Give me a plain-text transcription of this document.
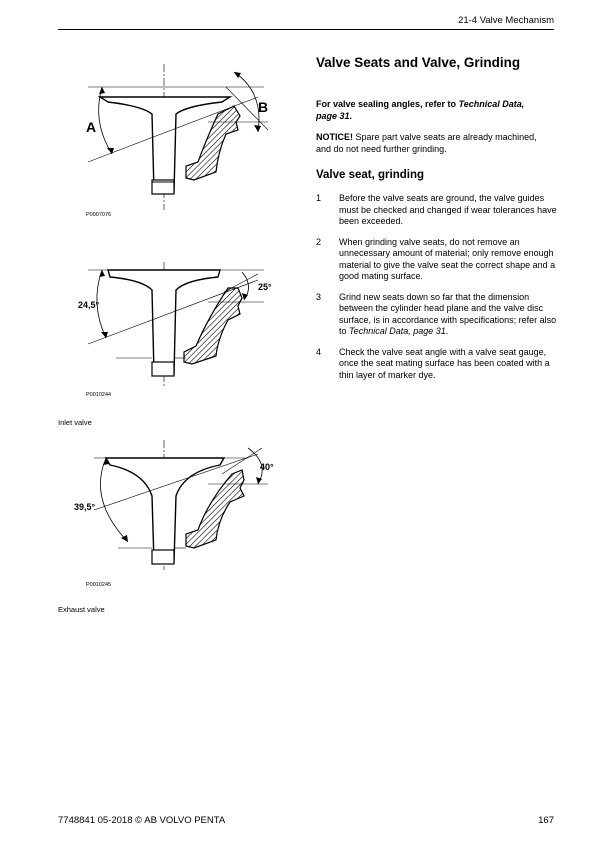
21-4 Valve Mechanism
A
B
P0007076
24,5°
25°
P0010244
Inlet valve
39,5°
40°
P0010245
Exhaust valve
Valve Seats and Valve, Grinding
For valve sealing angles, refer to Technical Data, page 31.
NOTICE! Spare part valve seats are already machined, and do not need further grinding.
Valve seat, grinding
1 Before the valve seats are ground, the valve guides must be checked and changed if wear tolerances have been exceeded.
2 When grinding valve seats, do not remove an unnecessary amount of material; only remove enough material to give the valve seat the correct shape and a good mating surface.
3 Grind new seats down so far that the dimension between the cylinder head plane and the valve disc surface, is in accordance with specifications; refer also to Technical Data, page 31.
4 Check the valve seat angle with a valve seat gauge, once the seat mating surface has been coated with a thin layer of marker dye.
7748841 05-2018 © AB VOLVO PENTA	167
